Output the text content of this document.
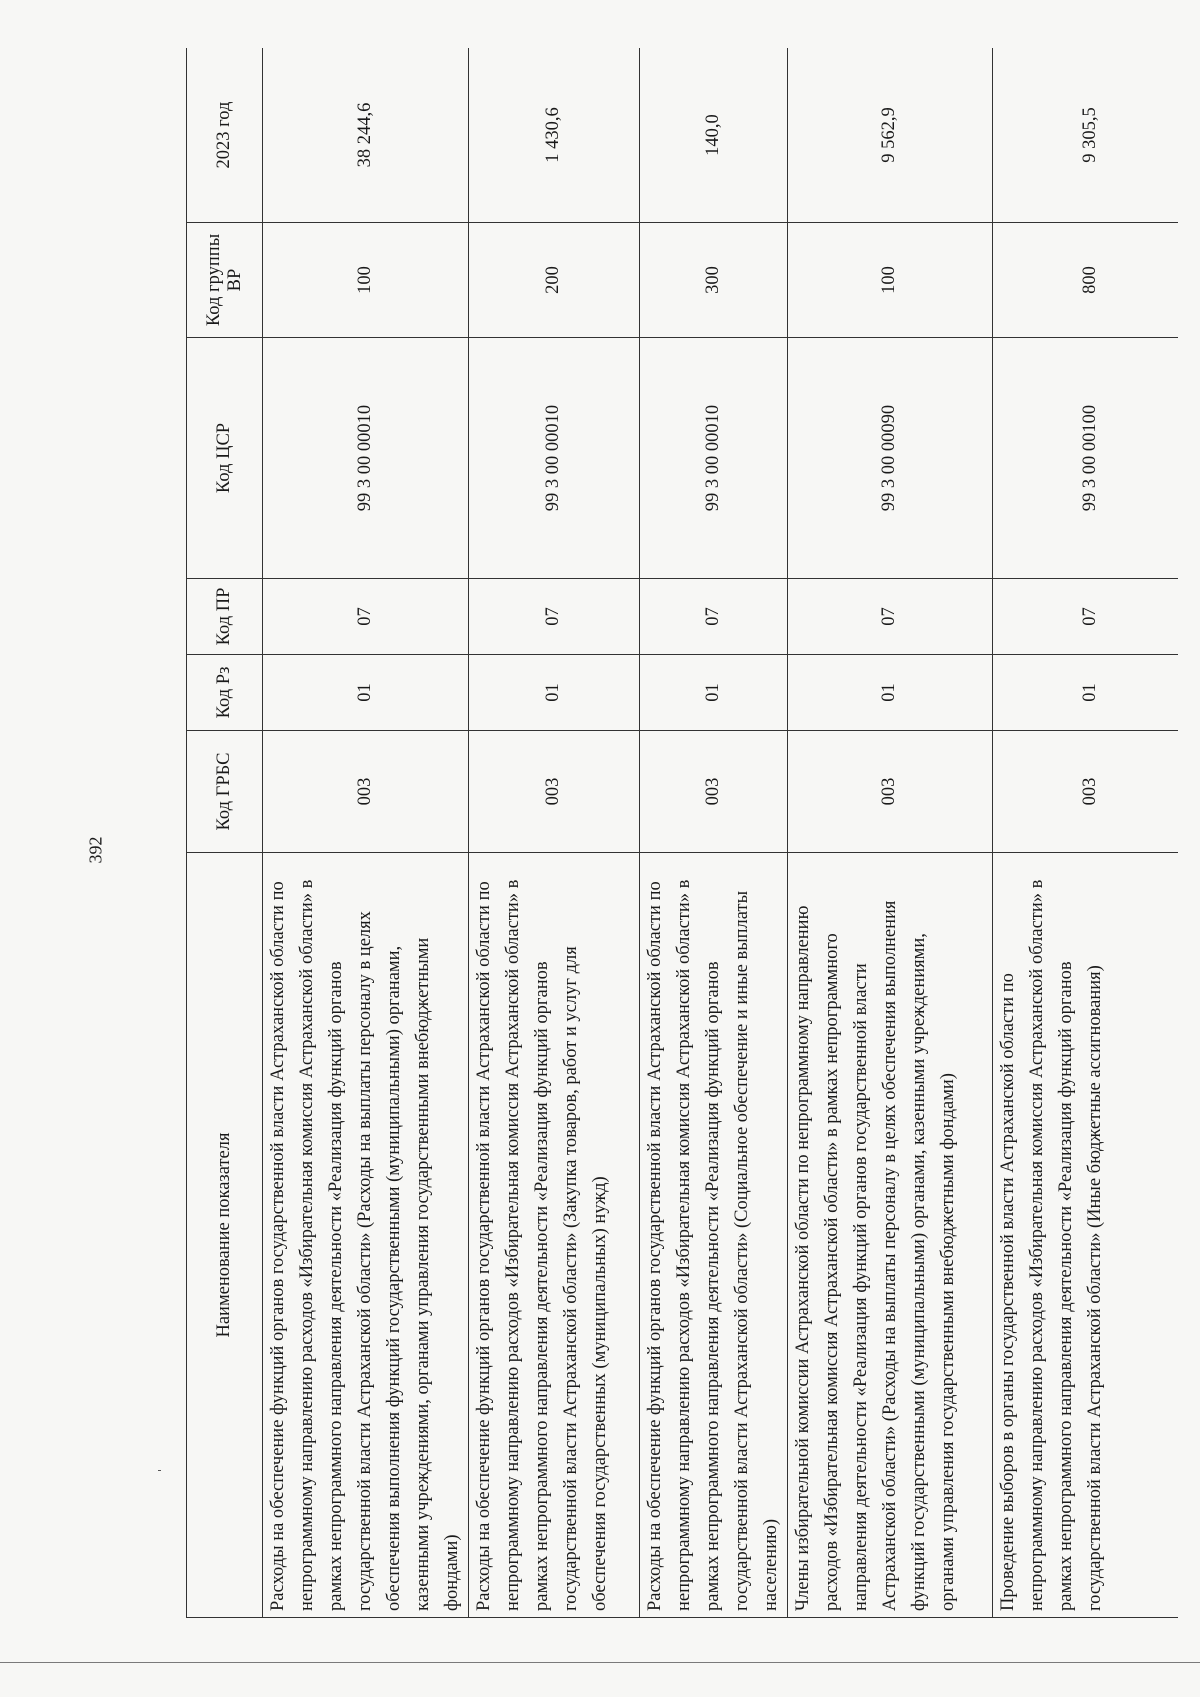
392
Наименование показателя	Код ГРБС	Код Рз	Код ПР	Код ЦСР	Код группы ВР	2023 год
Расходы на обеспечение функций органов государственной власти Астраханской области по непрограммному направлению расходов «Избирательная комиссия Астраханской области» в рамках непрограммного направления деятельности «Реализация функций органов государственной власти Астраханской области» (Расходы на выплаты персоналу в целях обеспечения выполнения функций государственными (муниципальными) органами, казенными учреждениями, органами управления государственными внебюджетными фондами)	003	01	07	99 3 00 00010	100	38 244,6
Расходы на обеспечение функций органов государственной власти Астраханской области по непрограммному направлению расходов «Избирательная комиссия Астраханской области» в рамках непрограммного направления деятельности «Реализация функций органов государственной власти Астраханской области» (Закупка товаров, работ и услуг для обеспечения государственных (муниципальных) нужд)	003	01	07	99 3 00 00010	200	1 430,6
Расходы на обеспечение функций органов государственной власти Астраханской области по непрограммному направлению расходов «Избирательная комиссия Астраханской области» в рамках непрограммного направления деятельности «Реализация функций органов государственной власти Астраханской области» (Социальное обеспечение и иные выплаты населению)	003	01	07	99 3 00 00010	300	140,0
Члены избирательной комиссии Астраханской области по непрограммному направлению расходов «Избирательная комиссия Астраханской области» в рамках непрограммного направления деятельности «Реализация функций органов государственной власти Астраханской области» (Расходы на выплаты персоналу в целях обеспечения выполнения функций государственными (муниципальными) органами, казенными учреждениями, органами управления государственными внебюджетными фондами)	003	01	07	99 3 00 00090	100	9 562,9
Проведение выборов в органы государственной власти Астраханской области по непрограммному направлению расходов «Избирательная комиссия Астраханской области» в рамках непрограммного направления деятельности «Реализация функций органов государственной власти Астраханской области» (Иные бюджетные ассигнования)	003	01	07	99 3 00 00100	800	9 305,5
